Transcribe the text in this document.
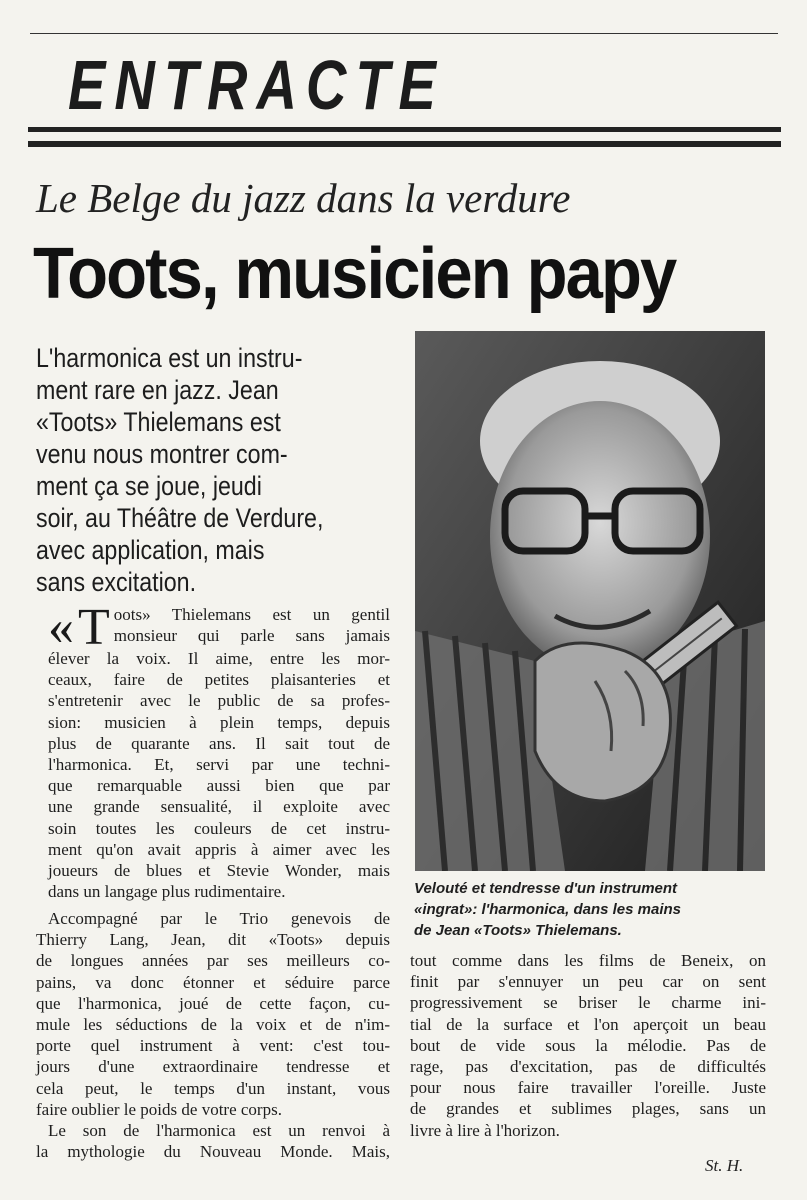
ENTRACTE
Le Belge du jazz dans la verdure
Toots, musicien papy
L'harmonica est un instru-
ment rare en jazz. Jean
«Toots» Thielemans est
venu nous montrer com-
ment ça se joue, jeudi
soir, au Théâtre de Verdure,
avec application, mais
sans excitation.
Velouté et tendresse d'un instrument
«ingrat»: l'harmonica, dans les mains
de Jean «Toots» Thielemans.
« T oots» Thielemans est un gentil
monsieur qui parle sans jamais
élever la voix. Il aime, entre les mor-
ceaux, faire de petites plaisanteries et
s'entretenir avec le public de sa profes-
sion: musicien à plein temps, depuis
plus de quarante ans. Il sait tout de
l'harmonica. Et, servi par une techni-
que remarquable aussi bien que par
une grande sensualité, il exploite avec
soin toutes les couleurs de cet instru-
ment qu'on avait appris à aimer avec les
joueurs de blues et Stevie Wonder, mais
dans un langage plus rudimentaire.
Accompagné par le Trio genevois de
Thierry Lang, Jean, dit «Toots» depuis
de longues années par ses meilleurs co-
pains, va donc étonner et séduire parce
que l'harmonica, joué de cette façon, cu-
mule les séductions de la voix et de n'im-
porte quel instrument à vent: c'est tou-
jours d'une extraordinaire tendresse et
cela peut, le temps d'un instant, vous
faire oublier le poids de votre corps.
Le son de l'harmonica est un renvoi à
la mythologie du Nouveau Monde. Mais,
tout comme dans les films de Beneix, on
finit par s'ennuyer un peu car on sent
progressivement se briser le charme ini-
tial de la surface et l'on aperçoit un beau
bout de vide sous la mélodie. Pas de
rage, pas d'excitation, pas de difficultés
pour nous faire travailler l'oreille. Juste
de grandes et sublimes plages, sans un
livre à lire à l'horizon.
St. H.
